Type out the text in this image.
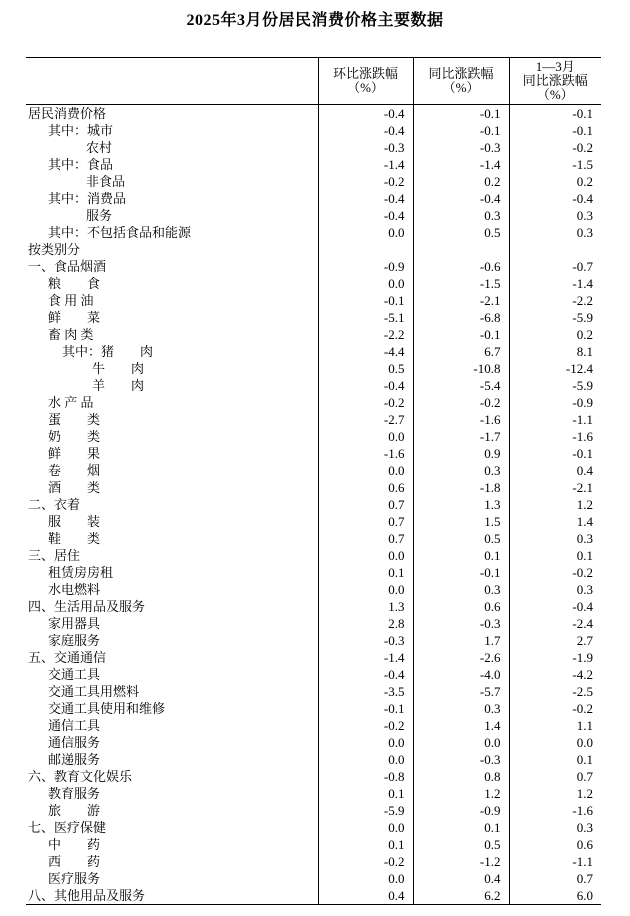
2025年3月份居民消费价格主要数据

环比涨跌幅
（%）

同比涨跌幅
（%）

1—3月
同比涨跌幅
（%）

居民消费价格	-0.4	-0.1	-0.1
其中：城市	-0.4	-0.1	-0.1
农村	-0.3	-0.3	-0.2
其中：食品	-1.4	-1.4	-1.5
非食品	-0.2	0.2	0.2
其中：消费品	-0.4	-0.4	-0.4
服务	-0.4	0.3	0.3
其中：不包括食品和能源	0.0	0.5	0.3
按类别分			
一、食品烟酒	-0.9	-0.6	-0.7
粮　　食	0.0	-1.5	-1.4
食 用 油	-0.1	-2.1	-2.2
鲜　　菜	-5.1	-6.8	-5.9
畜 肉 类	-2.2	-0.1	0.2
其中：猪　　肉	-4.4	6.7	8.1
牛　　肉	0.5	-10.8	-12.4
羊　　肉	-0.4	-5.4	-5.9
水 产 品	-0.2	-0.2	-0.9
蛋　　类	-2.7	-1.6	-1.1
奶　　类	0.0	-1.7	-1.6
鲜　　果	-1.6	0.9	-0.1
卷　　烟	0.0	0.3	0.4
酒　　类	0.6	-1.8	-2.1
二、衣着	0.7	1.3	1.2
服　　装	0.7	1.5	1.4
鞋　　类	0.7	0.5	0.3
三、居住	0.0	0.1	0.1
租赁房房租	0.1	-0.1	-0.2
水电燃料	0.0	0.3	0.3
四、生活用品及服务	1.3	0.6	-0.4
家用器具	2.8	-0.3	-2.4
家庭服务	-0.3	1.7	2.7
五、交通通信	-1.4	-2.6	-1.9
交通工具	-0.4	-4.0	-4.2
交通工具用燃料	-3.5	-5.7	-2.5
交通工具使用和维修	-0.1	0.3	-0.2
通信工具	-0.2	1.4	1.1
通信服务	0.0	0.0	0.0
邮递服务	0.0	-0.3	0.1
六、教育文化娱乐	-0.8	0.8	0.7
教育服务	0.1	1.2	1.2
旅　　游	-5.9	-0.9	-1.6
七、医疗保健	0.0	0.1	0.3
中　　药	0.1	0.5	0.6
西　　药	-0.2	-1.2	-1.1
医疗服务	0.0	0.4	0.7
八、其他用品及服务	0.4	6.2	6.0
